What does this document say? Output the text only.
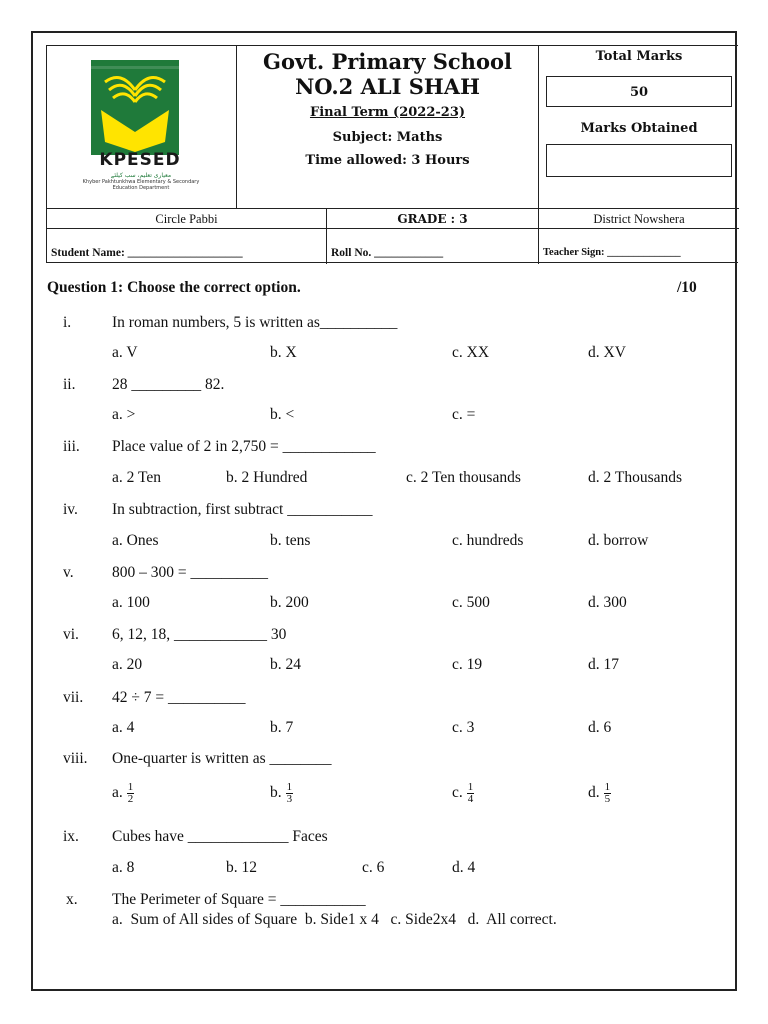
KPESED
معیاری تعلیم، سب کیلئے
Khyber Pakhtunkhwa Elementary & Secondary Education Department
Govt. Primary School
NO.2 ALI SHAH
Final Term (2022-23)
Subject: Maths
Time allowed: 3 Hours
Total Marks
50
Marks Obtained
Circle Pabbi	GRADE : 3	District Nowshera
Student Name: ____________________	Roll No. ____________	Teacher Sign: ______________
Question 1: Choose the correct option.	/10
i.	In roman numbers, 5 is written as__________
a. V	b. X	c. XX	d. XV
ii. 28 _________ 82.
a. >	b. <	c. =
iii. Place value of 2 in 2,750 = ____________
a. 2 Ten	b. 2 Hundred	c. 2 Ten thousands	d. 2 Thousands
iv. In subtraction, first subtract ___________
a. Ones	b. tens	c. hundreds	d. borrow
v. 800 – 300 = __________
a. 100	b. 200	c. 500	d. 300
vi. 6, 12, 18, ____________ 30
a. 20	b. 24	c. 19	d. 17
vii. 42 ÷ 7 = __________
a. 4	b. 7	c. 3	d. 6
viii. One-quarter is written as ________
a. $\frac{1}{2}$	b. $\frac{1}{3}$	c. $\frac{1}{4}$	d. $\frac{1}{5}$
ix. Cubes have _____________ Faces
a. 8	b. 12	c. 6	d. 4
x. The Perimeter of Square = ___________
a.  Sum of All sides of Square  b. Side1 x 4   c. Side2x4   d.  All correct.
